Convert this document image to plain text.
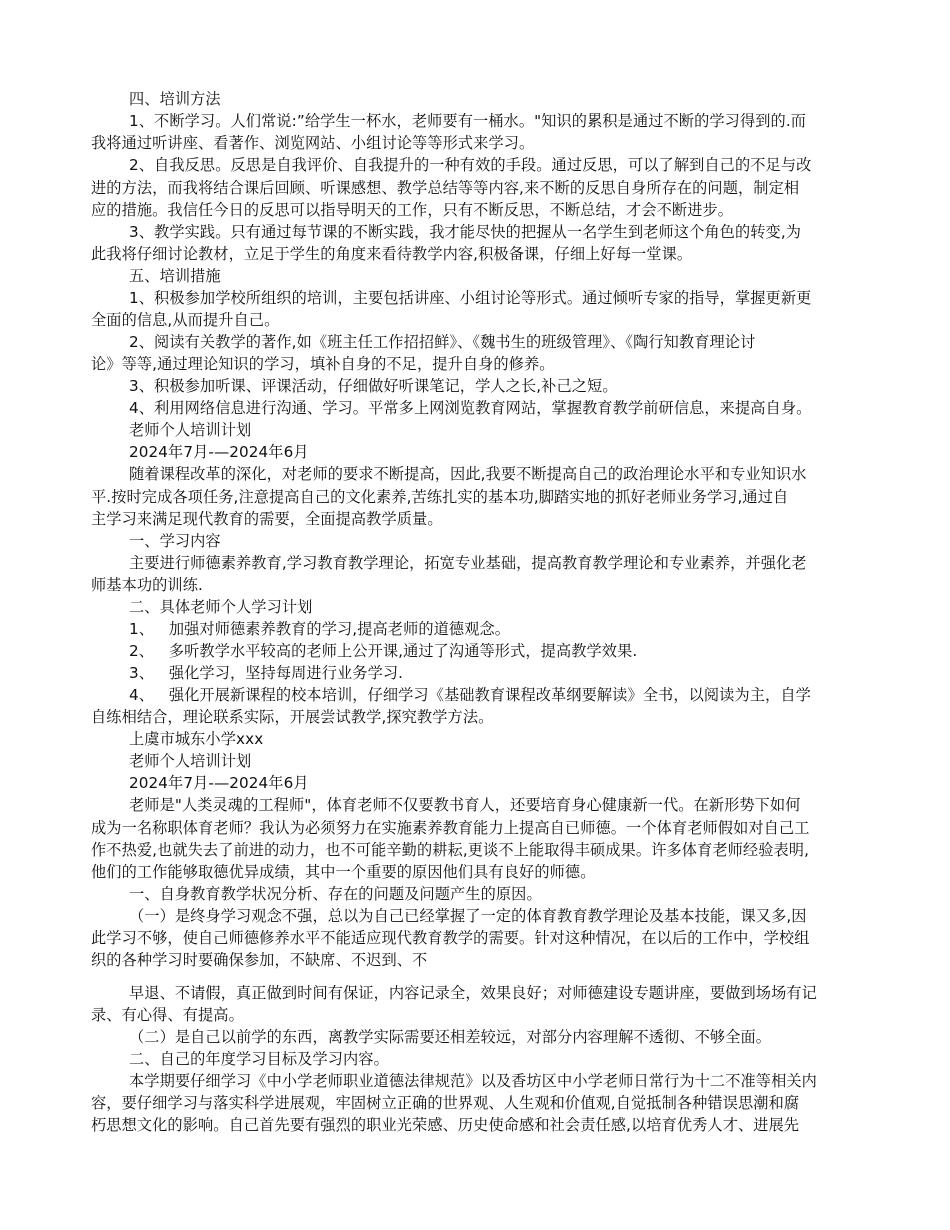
四、培训方法
1、不断学习。人们常说:”给学生一杯水，老师要有一桶水。"知识的累积是通过不断的学习得到的.而
我将通过听讲座、看著作、浏览网站、小组讨论等等形式来学习。
2、自我反思。反思是自我评价、自我提升的一种有效的手段。通过反思，可以了解到自己的不足与改
进的方法，而我将结合课后回顾、听课感想、教学总结等等内容,来不断的反思自身所存在的问题，制定相
应的措施。我信任今日的反思可以指导明天的工作，只有不断反思，不断总结，才会不断进步。
3、教学实践。只有通过每节课的不断实践，我才能尽快的把握从一名学生到老师这个角色的转变,为
此我将仔细讨论教材，立足于学生的角度来看待教学内容,积极备课，仔细上好每一堂课。
五、培训措施
1、积极参加学校所组织的培训，主要包括讲座、小组讨论等形式。通过倾听专家的指导，掌握更新更
全面的信息,从而提升自己。
2、阅读有关教学的著作,如《班主任工作招招鲜》、《魏书生的班级管理》、《陶行知教育理论讨
论》等等,通过理论知识的学习，填补自身的不足，提升自身的修养。
3、积极参加听课、评课活动，仔细做好听课笔记，学人之长,补己之短。
4、利用网络信息进行沟通、学习。平常多上网浏览教育网站，掌握教育教学前研信息，来提高自身。
老师个人培训计划
2024年7月-—2024年6月
随着课程改革的深化，对老师的要求不断提高，因此,我要不断提高自己的政治理论水平和专业知识水
平.按时完成各项任务,注意提高自己的文化素养,苦练扎实的基本功,脚踏实地的抓好老师业务学习,通过自
主学习来满足现代教育的需要，全面提高教学质量。
一、学习内容
主要进行师德素养教育,学习教育教学理论，拓宽专业基础，提高教育教学理论和专业素养，并强化老
师基本功的训练.
二、具体老师个人学习计划
1、   加强对师德素养教育的学习,提高老师的道德观念。
2、   多听教学水平较高的老师上公开课,通过了沟通等形式，提高教学效果.
3、   强化学习，坚持每周进行业务学习.
4、   强化开展新课程的校本培训，仔细学习《基础教育课程改革纲要解读》全书，以阅读为主，自学
自练相结合，理论联系实际，开展尝试教学,探究教学方法。
上虞市城东小学xxx
老师个人培训计划
2024年7月-—2024年6月
老师是"人类灵魂的工程师"，体育老师不仅要教书育人，还要培育身心健康新一代。在新形势下如何
成为一名称职体育老师？我认为必须努力在实施素养教育能力上提高自已师德。一个体育老师假如对自己工
作不热爱,也就失去了前进的动力，也不可能辛勤的耕耘,更谈不上能取得丰硕成果。许多体育老师经验表明,
他们的工作能够取德优异成绩，其中一个重要的原因他们具有良好的师德。
一、自身教育教学状况分析、存在的问题及问题产生的原因。
（一）是终身学习观念不强，总以为自己已经掌握了一定的体育教育教学理论及基本技能，课又多,因
此学习不够，使自己师德修养水平不能适应现代教育教学的需要。针对这种情况，在以后的工作中，学校组
织的各种学习时要确保参加，不缺席、不迟到、不
早退、不请假，真正做到时间有保证，内容记录全，效果良好；对师德建设专题讲座，要做到场场有记
录、有心得、有提高。
（二）是自己以前学的东西，离教学实际需要还相差较远，对部分内容理解不透彻、不够全面。
二、自己的年度学习目标及学习内容。
本学期要仔细学习《中小学老师职业道德法律规范》以及香坊区中小学老师日常行为十二不准等相关内
容，要仔细学习与落实科学进展观，牢固树立正确的世界观、人生观和价值观,自觉抵制各种错误思潮和腐
朽思想文化的影响。自己首先要有强烈的职业光荣感、历史使命感和社会责任感,以培育优秀人才、进展先
